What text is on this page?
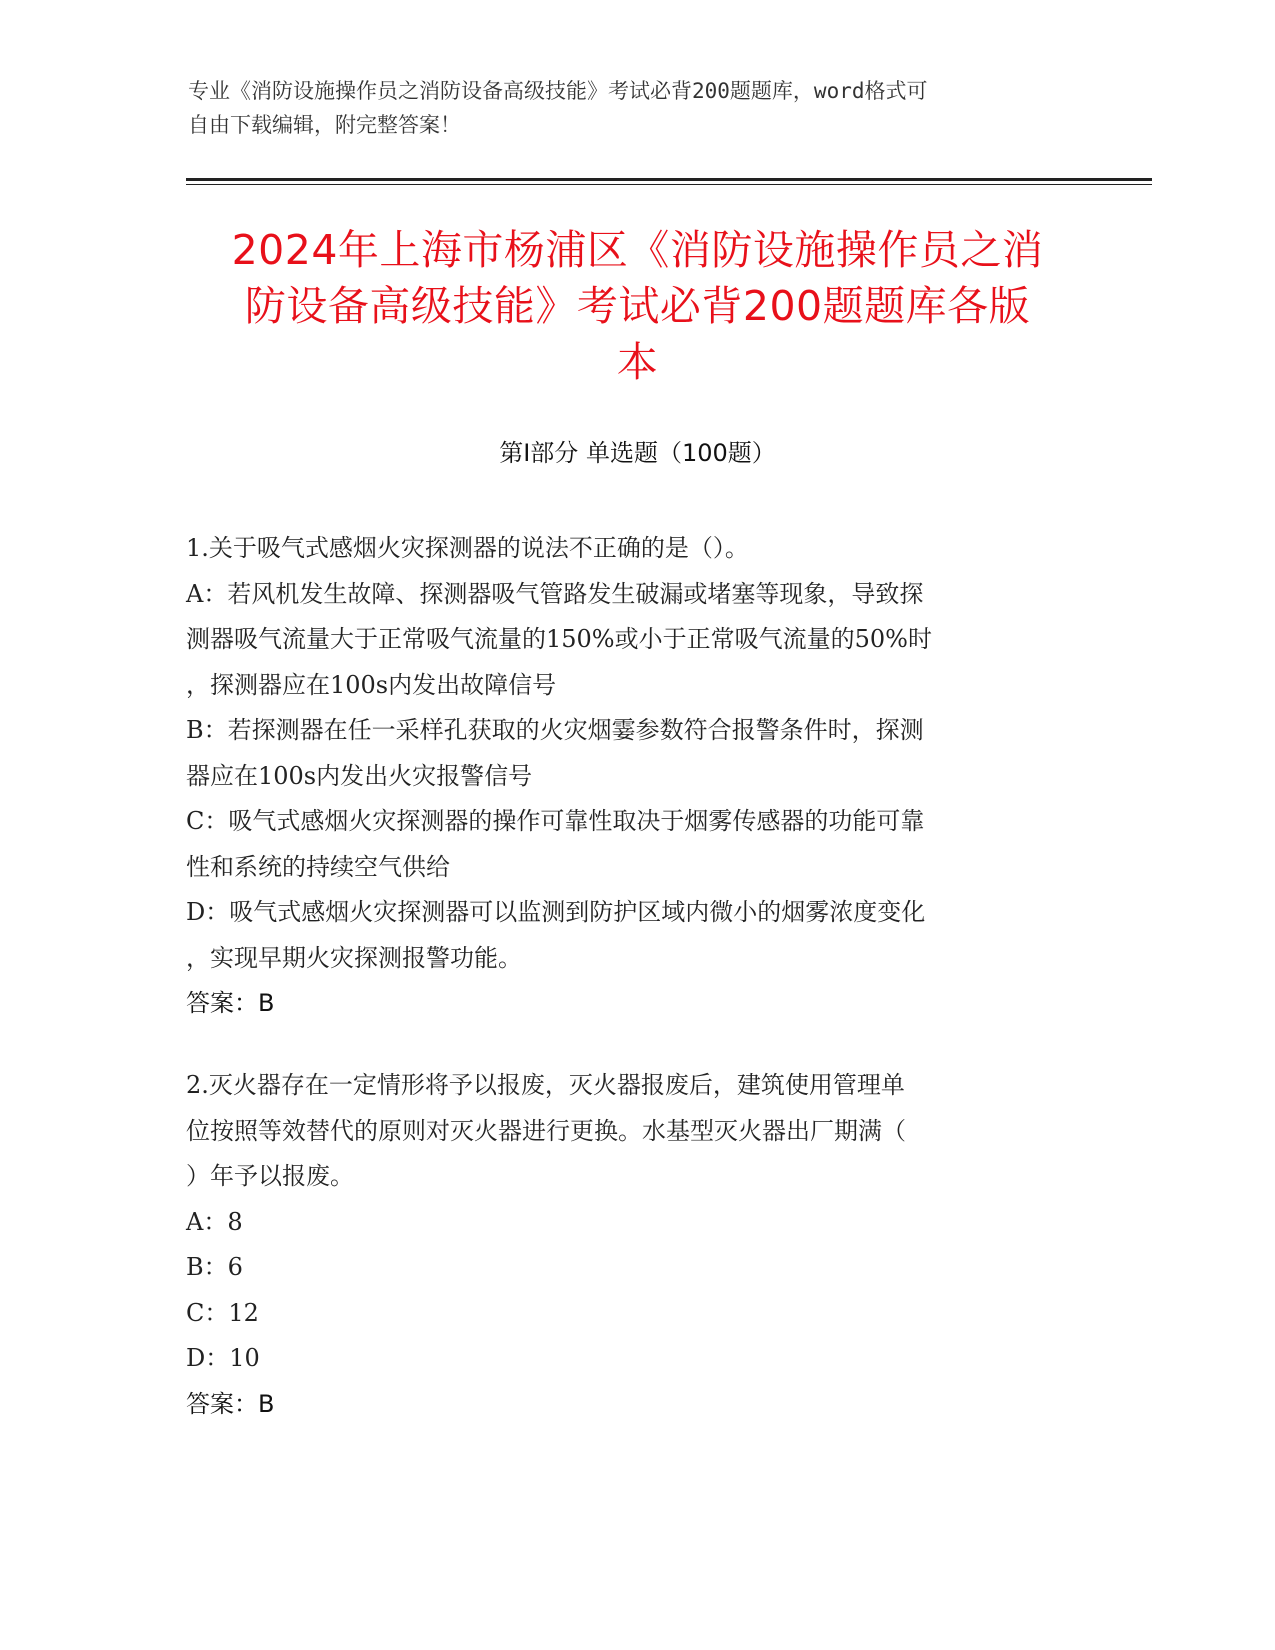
专业《消防设施操作员之消防设备高级技能》考试必背200题题库，word格式可
自由下载编辑，附完整答案！
2024年上海市杨浦区《消防设施操作员之消
防设备高级技能》考试必背200题题库各版
本
第I部分 单选题（100题）
1.关于吸气式感烟火灾探测器的说法不正确的是（）。
A：若风机发生故障、探测器吸气管路发生破漏或堵塞等现象，导致探
测器吸气流量大于正常吸气流量的150%或小于正常吸气流量的50%时
，探测器应在100s内发出故障信号
B：若探测器在任一采样孔获取的火灾烟霎参数符合报警条件时，探测
器应在100s内发出火灾报警信号
C：吸气式感烟火灾探测器的操作可靠性取决于烟雾传感器的功能可靠
性和系统的持续空气供给
D：吸气式感烟火灾探测器可以监测到防护区域内微小的烟雾浓度变化
，实现早期火灾探测报警功能。
答案：B
2.灭火器存在一定情形将予以报废，灭火器报废后，建筑使用管理单
位按照等效替代的原则对灭火器进行更换。水基型灭火器出厂期满（
）年予以报废。
A：8
B：6
C：12
D：10
答案：B
